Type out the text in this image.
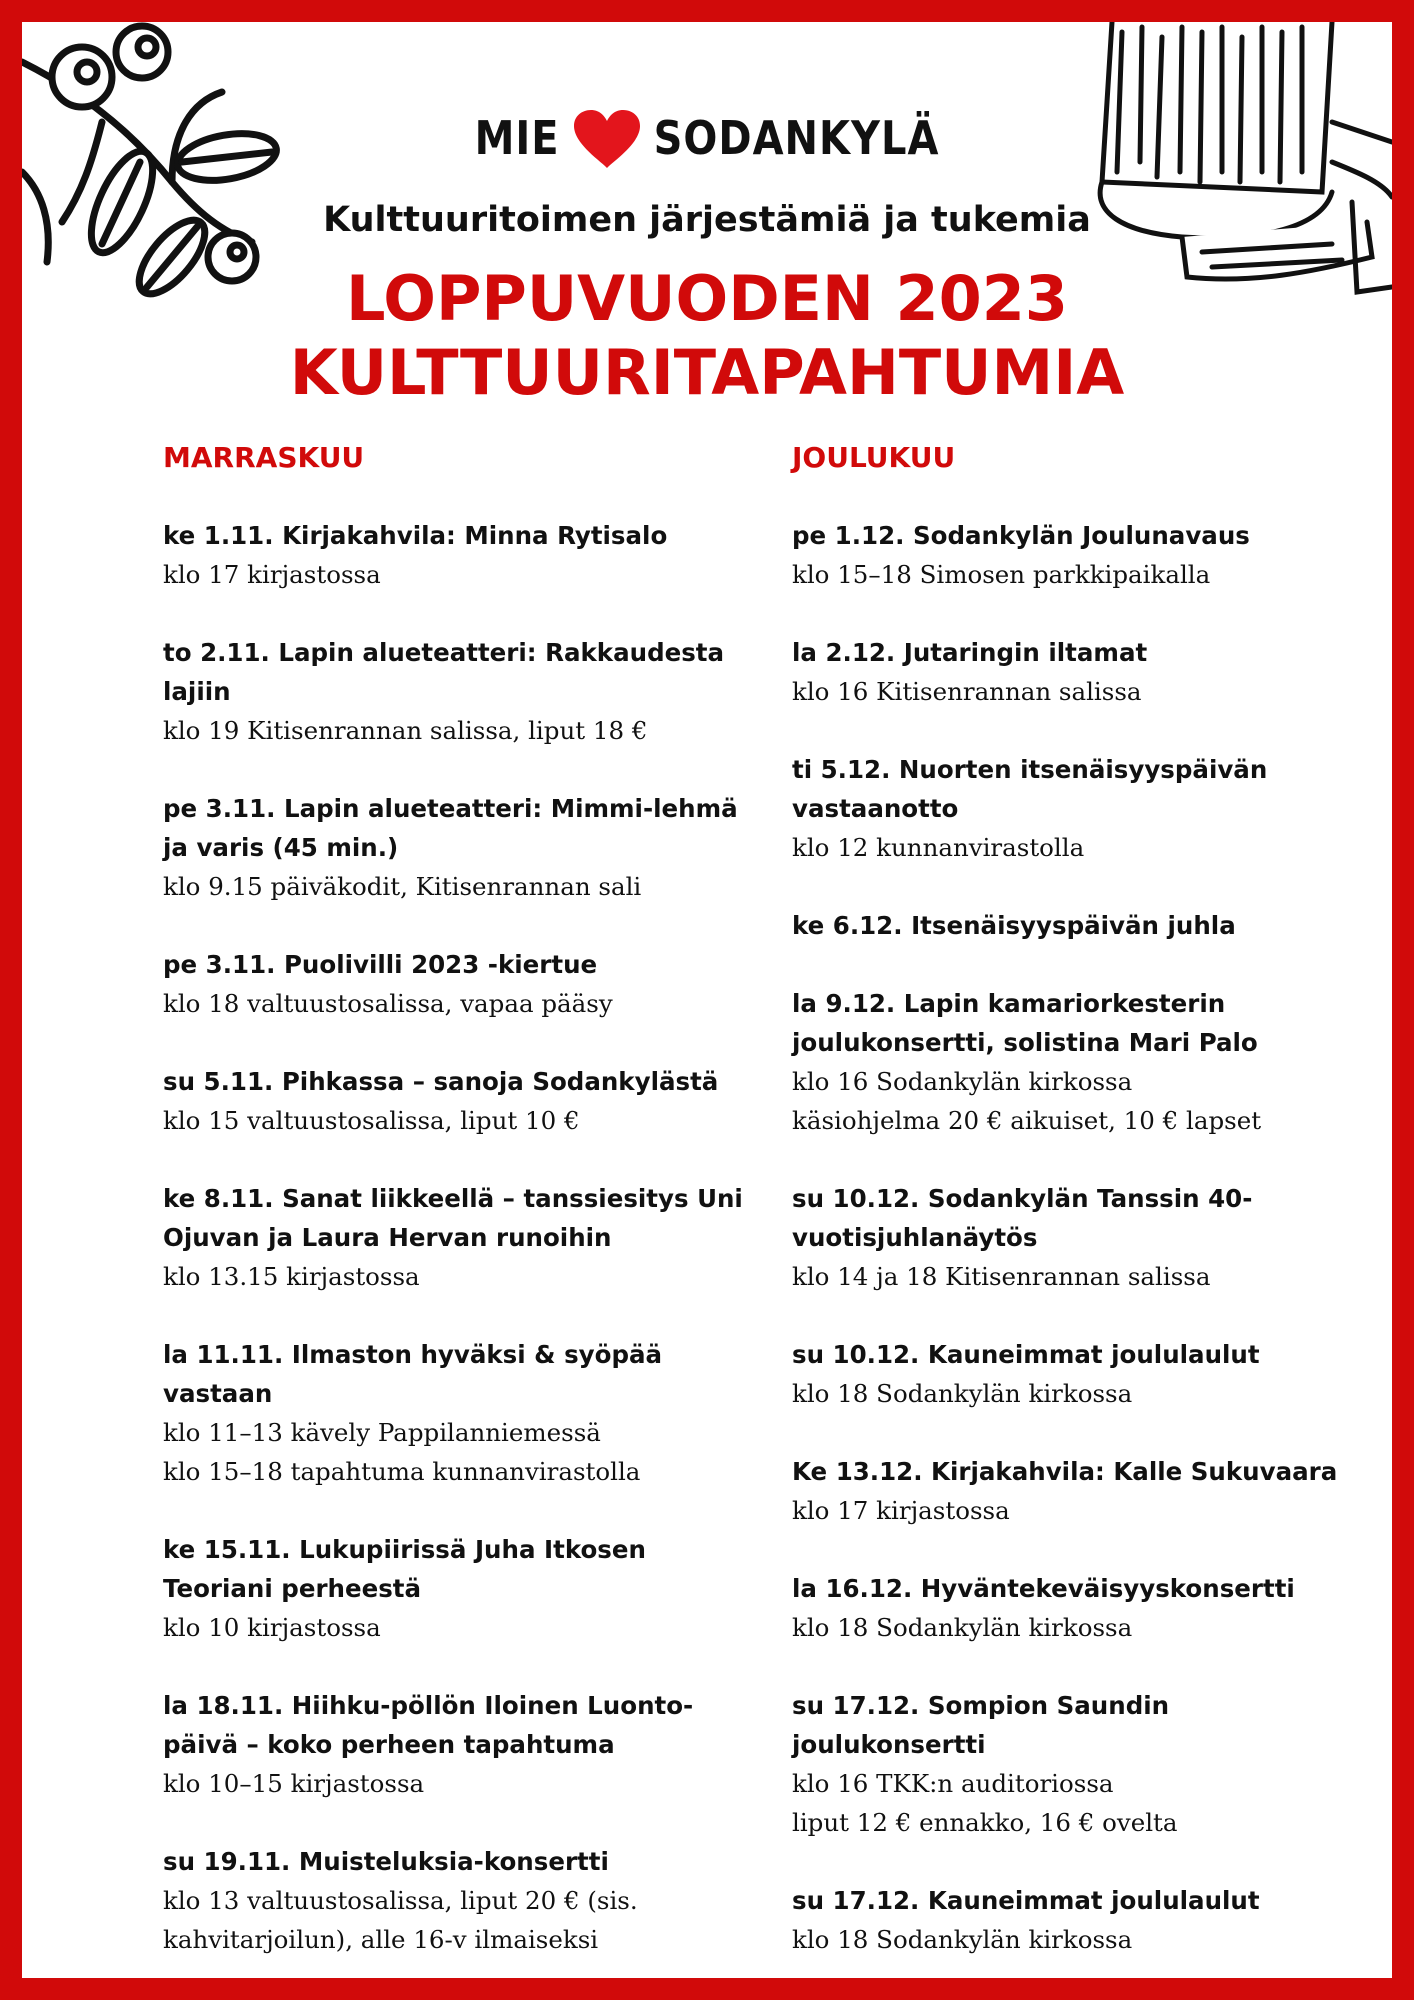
MIE SODANKYLÄ
Kulttuuritoimen järjestämiä ja tukemia
LOPPUVUODEN 2023
KULTTUURITAPAHTUMIA
MARRASKUU
ke 1.11. Kirjakahvila: Minna Rytisalo
klo 17 kirjastossa
to 2.11. Lapin alueteatteri: Rakkaudesta lajiin
klo 19 Kitisenrannan salissa, liput 18 €
pe 3.11. Lapin alueteatteri: Mimmi-lehmä ja varis (45 min.)
klo 9.15 päiväkodit, Kitisenrannan sali
pe 3.11. Puolivilli 2023 -kiertue
klo 18 valtuustosalissa, vapaa pääsy
su 5.11. Pihkassa – sanoja Sodankylästä
klo 15 valtuustosalissa, liput 10 €
ke 8.11. Sanat liikkeellä – tanssiesitys Uni Ojuvan ja Laura Hervan runoihin
klo 13.15 kirjastossa
la 11.11. Ilmaston hyväksi & syöpää vastaan
klo 11–13 kävely Pappilanniemessä
klo 15–18 tapahtuma kunnanvirastolla
ke 15.11. Lukupiirissä Juha Itkosen Teoriani perheestä
klo 10 kirjastossa
la 18.11. Hiihku-pöllön Iloinen Luonto-päivä – koko perheen tapahtuma
klo 10–15 kirjastossa
su 19.11. Muisteluksia-konsertti
klo 13 valtuustosalissa, liput 20 € (sis. kahvitarjoilun), alle 16-v ilmaiseksi
JOULUKUU
pe 1.12. Sodankylän Joulunavaus
klo 15–18 Simosen parkkipaikalla
la 2.12. Jutaringin iltamat
klo 16 Kitisenrannan salissa
ti 5.12. Nuorten itsenäisyyspäivän vastaanotto
klo 12 kunnanvirastolla
ke 6.12. Itsenäisyyspäivän juhla
la 9.12. Lapin kamariorkesterin joulukonsertti, solistina Mari Palo
klo 16 Sodankylän kirkossa
käsiohjelma 20 € aikuiset, 10 € lapset
su 10.12. Sodankylän Tanssin 40-vuotisjuhlanäytös
klo 14 ja 18 Kitisenrannan salissa
su 10.12. Kauneimmat joululaulut
klo 18 Sodankylän kirkossa
Ke 13.12. Kirjakahvila: Kalle Sukuvaara
klo 17 kirjastossa
la 16.12. Hyväntekeväisyyskonsertti
klo 18 Sodankylän kirkossa
su 17.12. Sompion Saundin joulukonsertti
klo 16 TKK:n auditoriossa
liput 12 € ennakko, 16 € ovelta
su 17.12. Kauneimmat joululaulut
klo 18 Sodankylän kirkossa
